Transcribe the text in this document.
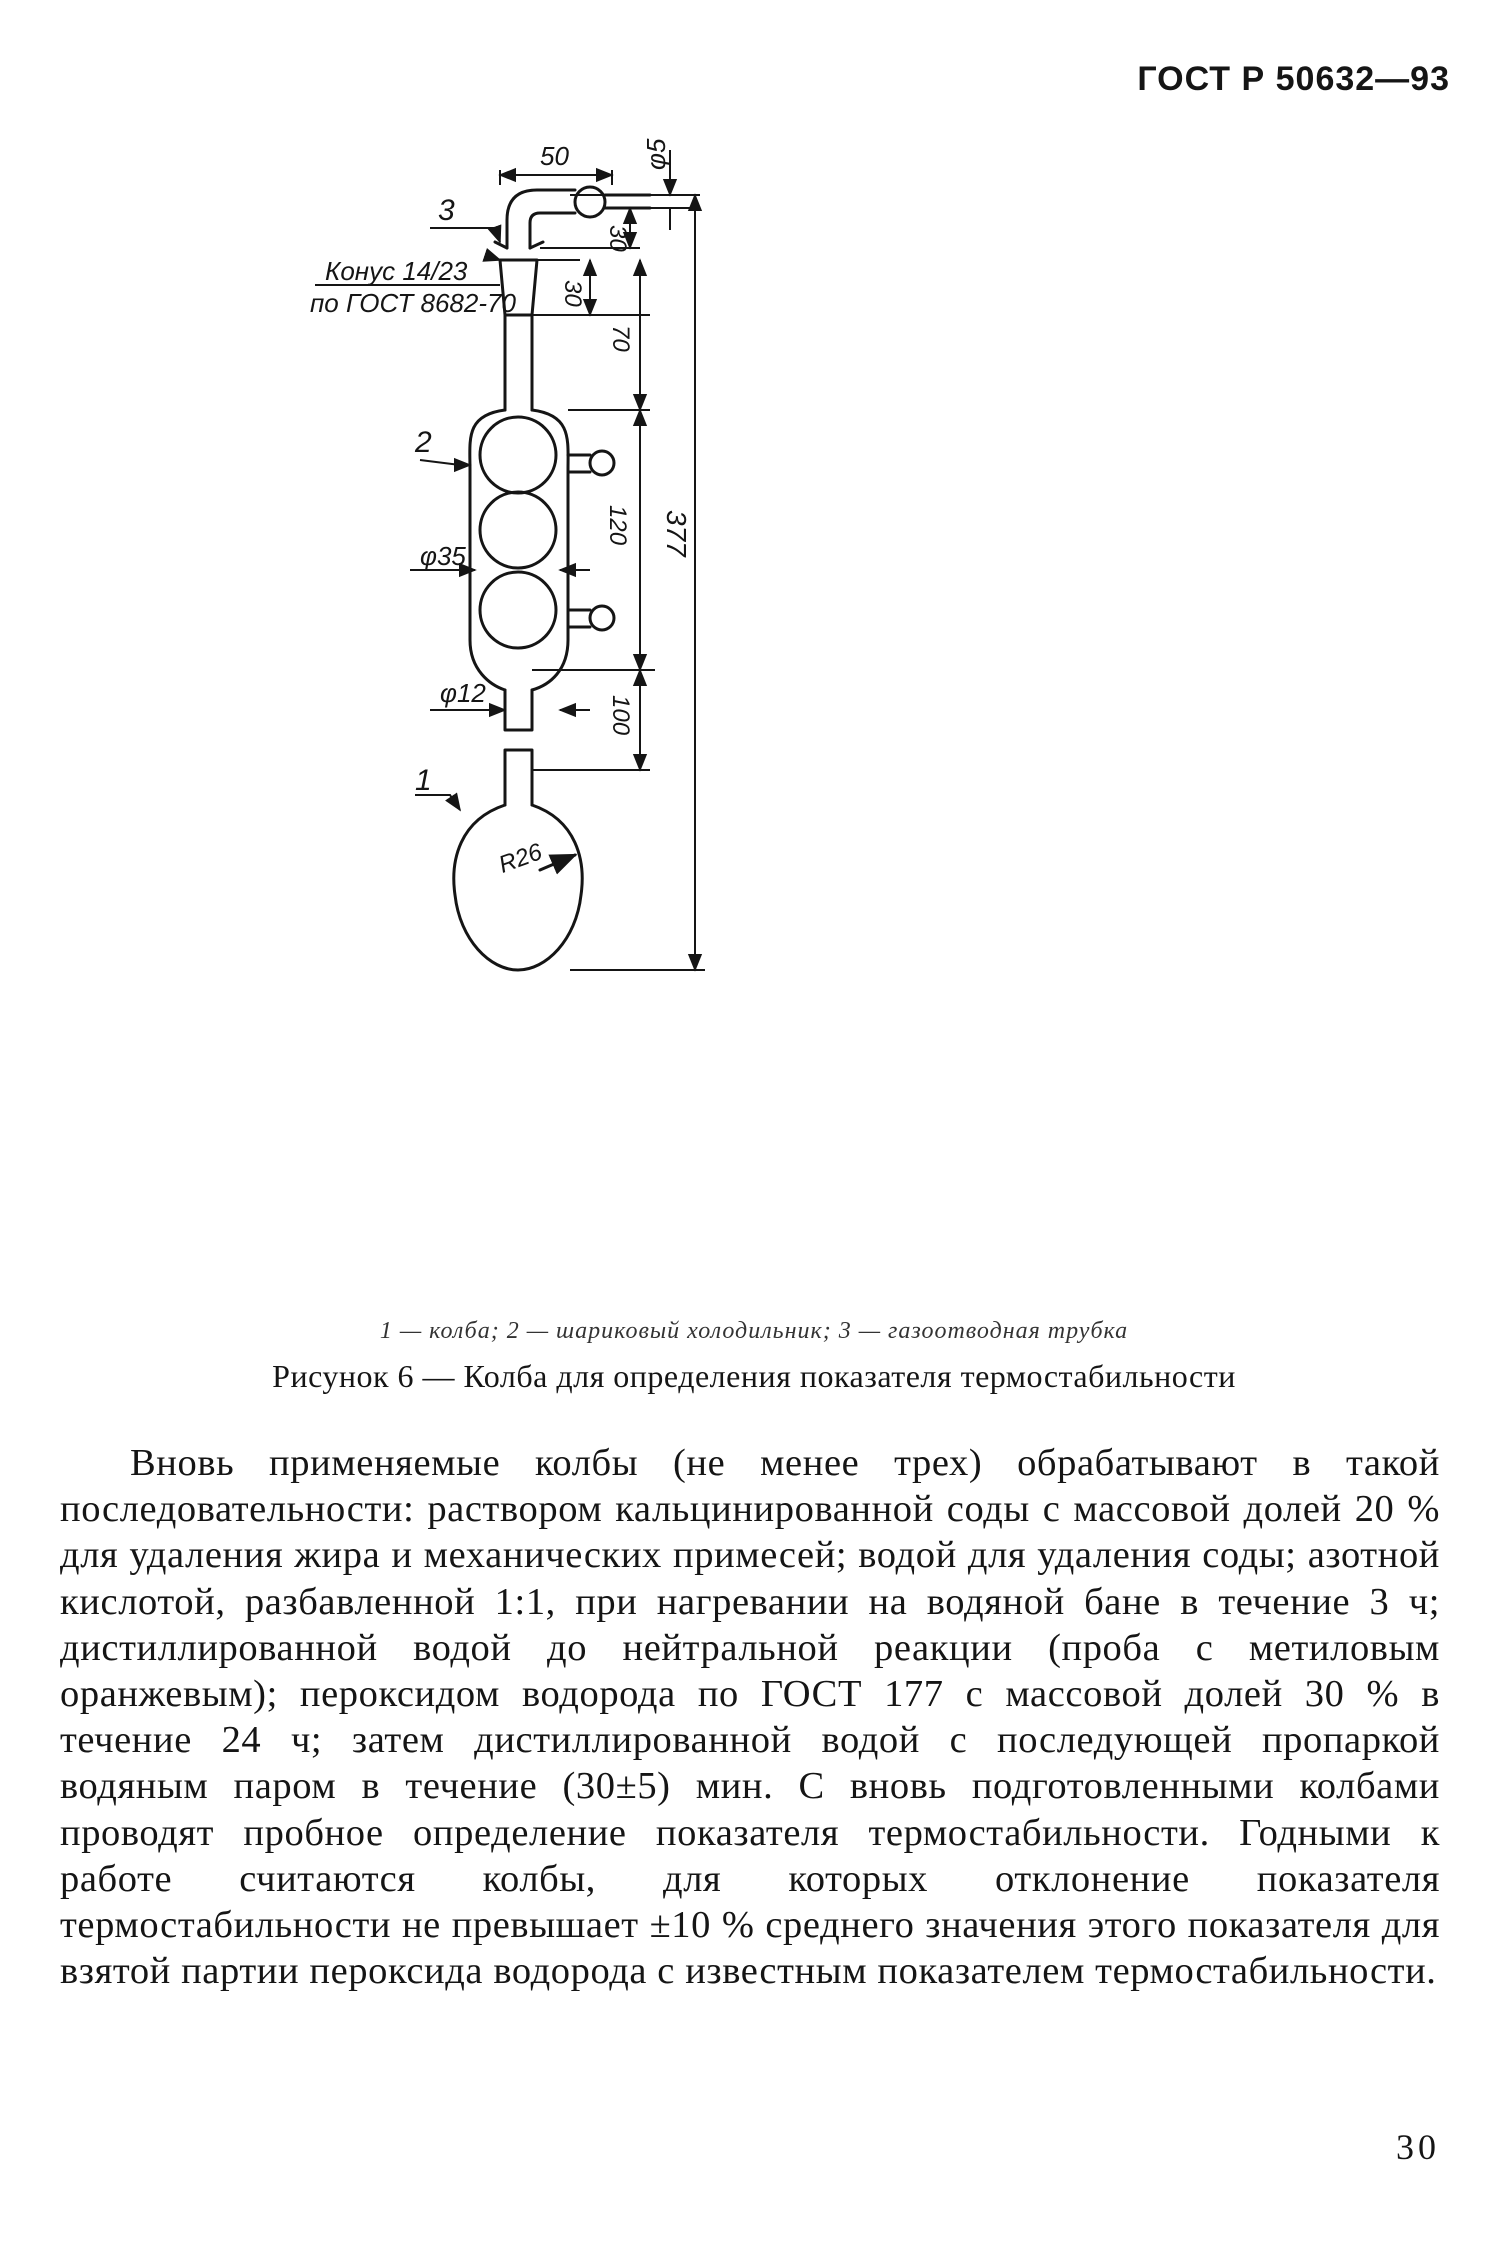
ГОСТ Р 50632—93
50	φ5
30
30
70
120 377
φ35
φ12
100
R26
3
Конус 14/23
по ГОСТ 8682-70
2
1
1 — колба; 2 — шариковый холодильник; 3 — газоотводная трубка
Рисунок 6 — Колба для определения показателя термостабильности
Вновь применяемые колбы (не менее трех) обрабатывают в такой последовательности: раствором кальцинированной соды с массовой долей 20 % для удаления жира и механических примесей; водой для удаления соды; азотной кислотой, разбавленной 1:1, при нагревании на водяной бане в течение 3 ч; дистиллированной водой до нейтральной реакции (проба с метиловым оранжевым); пероксидом водорода по ГОСТ 177 с массовой долей 30 % в течение 24 ч; затем дистиллированной водой с последующей пропаркой водяным паром в течение (30±5) мин. С вновь подготовленными колбами проводят пробное определение показателя термостабильности. Годными к работе считаются колбы, для которых отклонение показателя термостабильности не превышает ±10 % среднего значения этого показателя для взятой партии пероксида водорода с известным показателем термостабильности.
30
